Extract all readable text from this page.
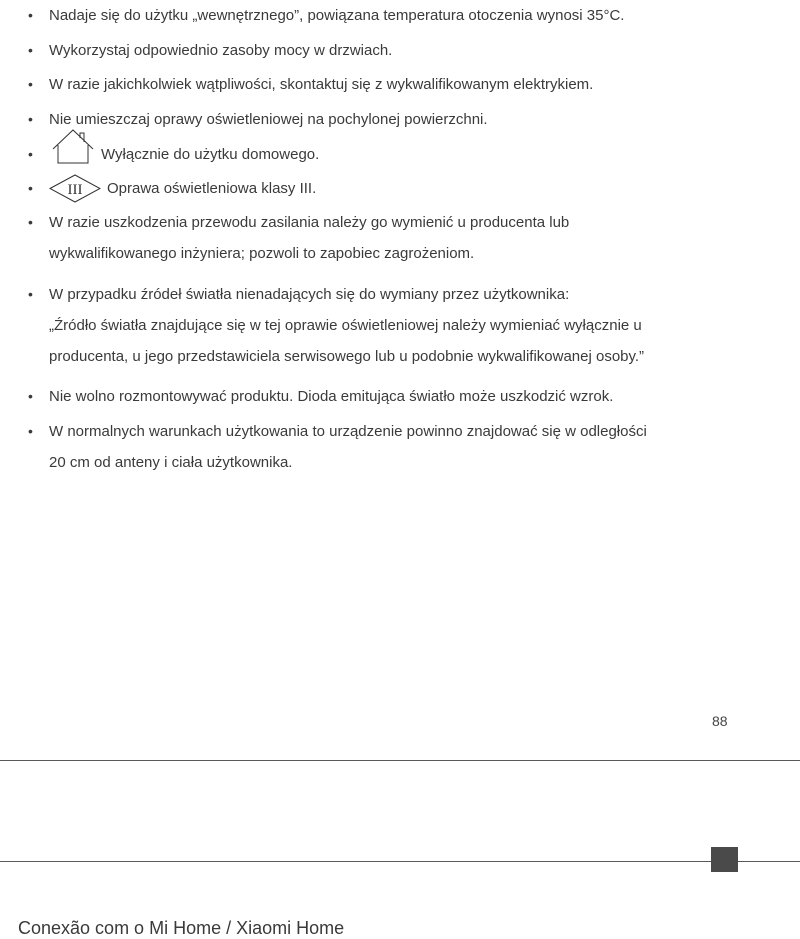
•	Nadaje się do użytku „wewnętrznego”, powiązana temperatura otoczenia wynosi 35°C.
•	Wykorzystaj odpowiednio zasoby mocy w drzwiach.
•	W razie jakichkolwiek wątpliwości, skontaktuj się z wykwalifikowanym elektrykiem.
•	Nie umieszczaj oprawy oświetleniowej na pochylonej powierzchni.
•	Wyłącznie do użytku domowego.
•	III Oprawa oświetleniowa klasy III.
•	W razie uszkodzenia przewodu zasilania należy go wymienić u producenta lub
wykwalifikowanego inżyniera; pozwoli to zapobiec zagrożeniom.
•	W przypadku źródeł światła nienadających się do wymiany przez użytkownika:
„Źródło światła znajdujące się w tej oprawie oświetleniowej należy wymieniać wyłącznie u
producenta, u jego przedstawiciela serwisowego lub u podobnie wykwalifikowanej osoby.”
•	Nie wolno rozmontowywać produktu. Dioda emitująca światło może uszkodzić wzrok.
•	W normalnych warunkach użytkowania to urządzenie powinno znajdować się w odległości
20 cm od anteny i ciała użytkownika.
88
PT
Conexão com o Mi Home / Xiaomi Home
